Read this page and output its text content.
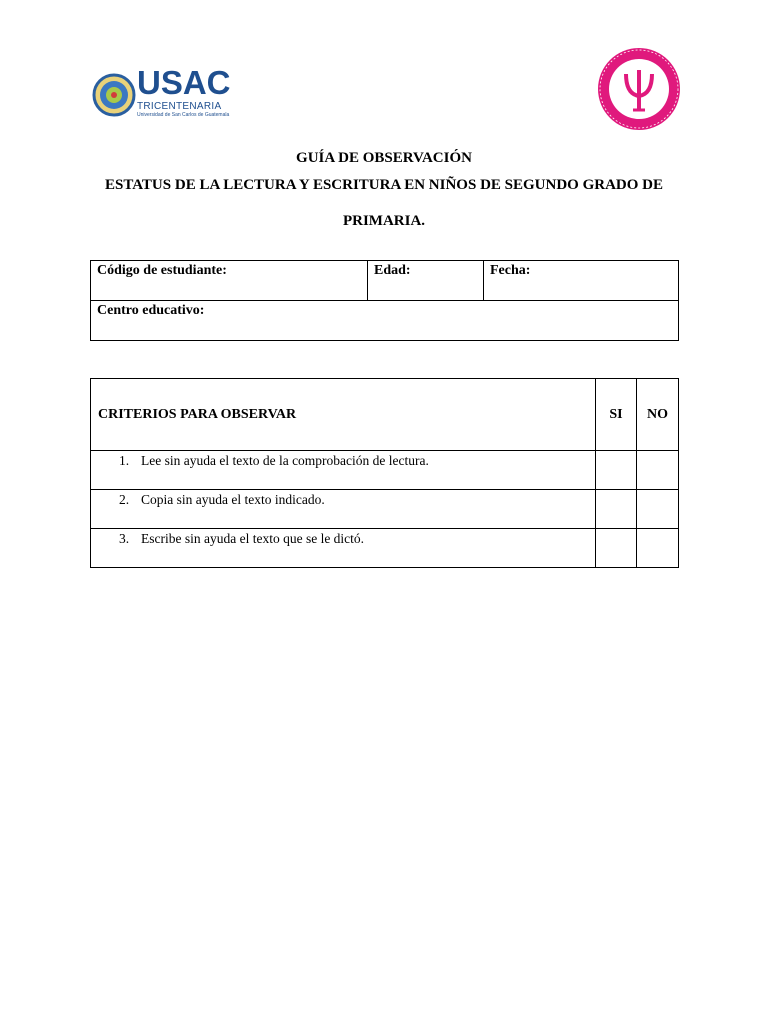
USAC
TRICENTENARIA
Universidad de San Carlos de Guatemala
GUÍA DE OBSERVACIÓN
ESTATUS DE LA LECTURA Y ESCRITURA EN NIÑOS DE SEGUNDO GRADO DE
PRIMARIA.
Código de estudiante:	Edad:	Fecha:
Centro educativo:
CRITERIOS PARA OBSERVAR	SI	NO
1. Lee sin ayuda el texto de la comprobación de lectura.		
2. Copia sin ayuda el texto indicado.		
3. Escribe sin ayuda el texto que se le dictó.		
